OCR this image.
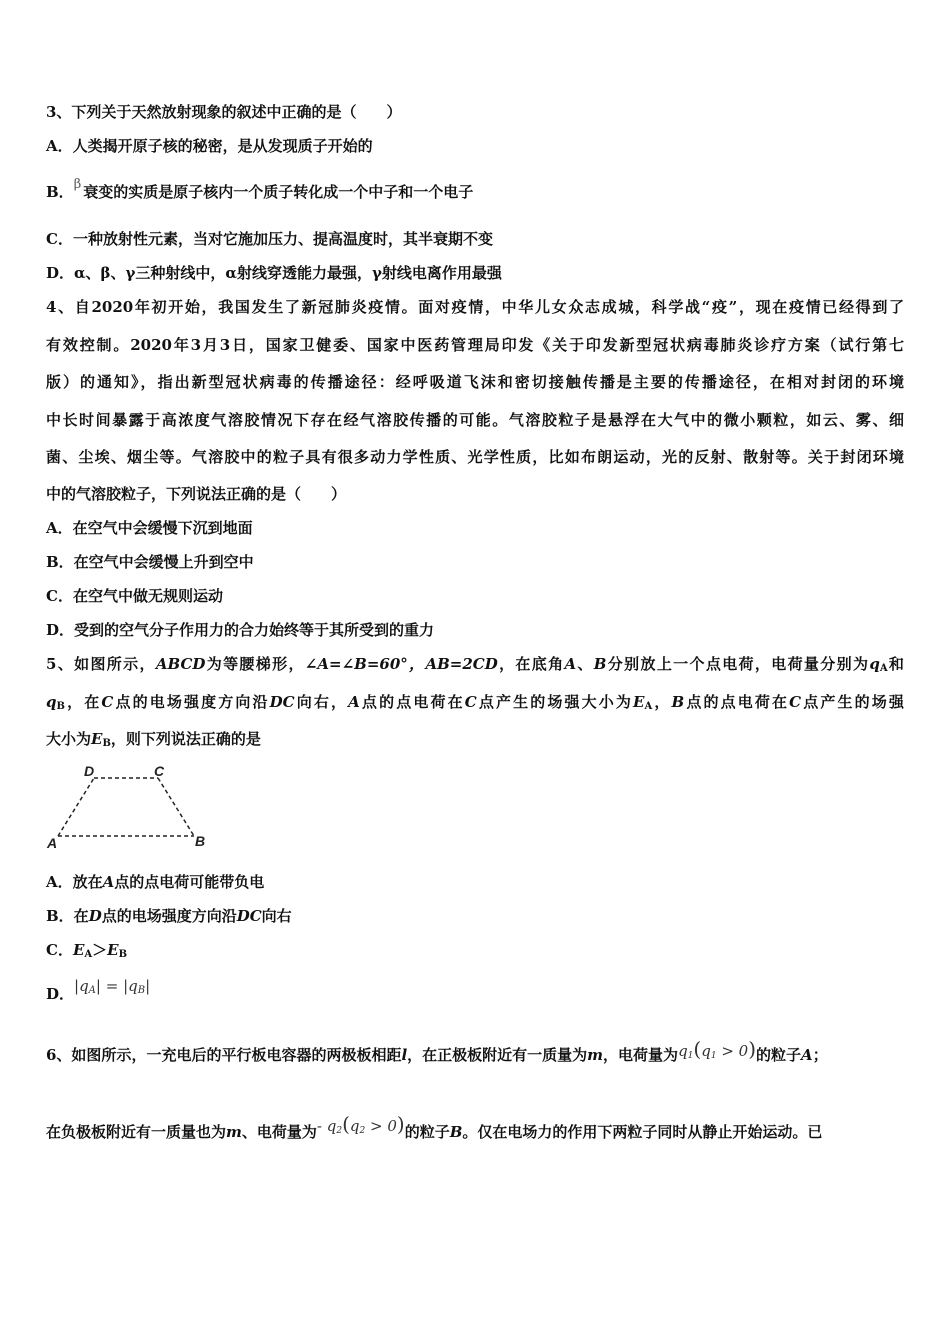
3、下列关于天然放射现象的叙述中正确的是（　　）
A．人类揭开原子核的秘密，是从发现质子开始的
B．β 衰变的实质是原子核内一个质子转化成一个中子和一个电子
C．一种放射性元素，当对它施加压力、提高温度时，其半衰期不变
D．α、β、γ三种射线中，α射线穿透能力最强，γ射线电离作用最强
4、自2020年初开始，我国发生了新冠肺炎疫情。面对疫情，中华儿女众志成城，科学战“疫”，现在疫情已经得到了
有效控制。2020年3月3日，国家卫健委、国家中医药管理局印发《关于印发新型冠状病毒肺炎诊疗方案（试行第七
版）的通知》，指出新型冠状病毒的传播途径：经呼吸道飞沫和密切接触传播是主要的传播途径，在相对封闭的环境
中长时间暴露于高浓度气溶胶情况下存在经气溶胶传播的可能。气溶胶粒子是悬浮在大气中的微小颗粒，如云、雾、细
菌、尘埃、烟尘等。气溶胶中的粒子具有很多动力学性质、光学性质，比如布朗运动，光的反射、散射等。关于封闭环境
中的气溶胶粒子，下列说法正确的是（　　）
A．在空气中会缓慢下沉到地面
B．在空气中会缓慢上升到空中
C．在空气中做无规则运动
D．受到的空气分子作用力的合力始终等于其所受到的重力
5、如图所示，ABCD为等腰梯形，∠A=∠B=60°，AB=2CD，在底角A、B分别放上一个点电荷，电荷量分别为$q_A$和
$q_B$，在C点的电场强度方向沿DC向右，A点的点电荷在C点产生的场强大小为$E_A$，B点的点电荷在C点产生的场强
大小为$E_B$，则下列说法正确的是
D	C
A	B
A．放在A点的点电荷可能带负电
B．在D点的电场强度方向沿DC向右
C．$E_A>E_B$
D．$|q_A| = |q_B|$
6、如图所示，一充电后的平行板电容器的两极板相距l，在正极板附近有一质量为m，电荷量为$q_1(q_1 > 0)$的粒子A；
在负极板附近有一质量也为m、电荷量为- $q_2(q_2 > 0)$的粒子B。仅在电场力的作用下两粒子同时从静止开始运动。已
